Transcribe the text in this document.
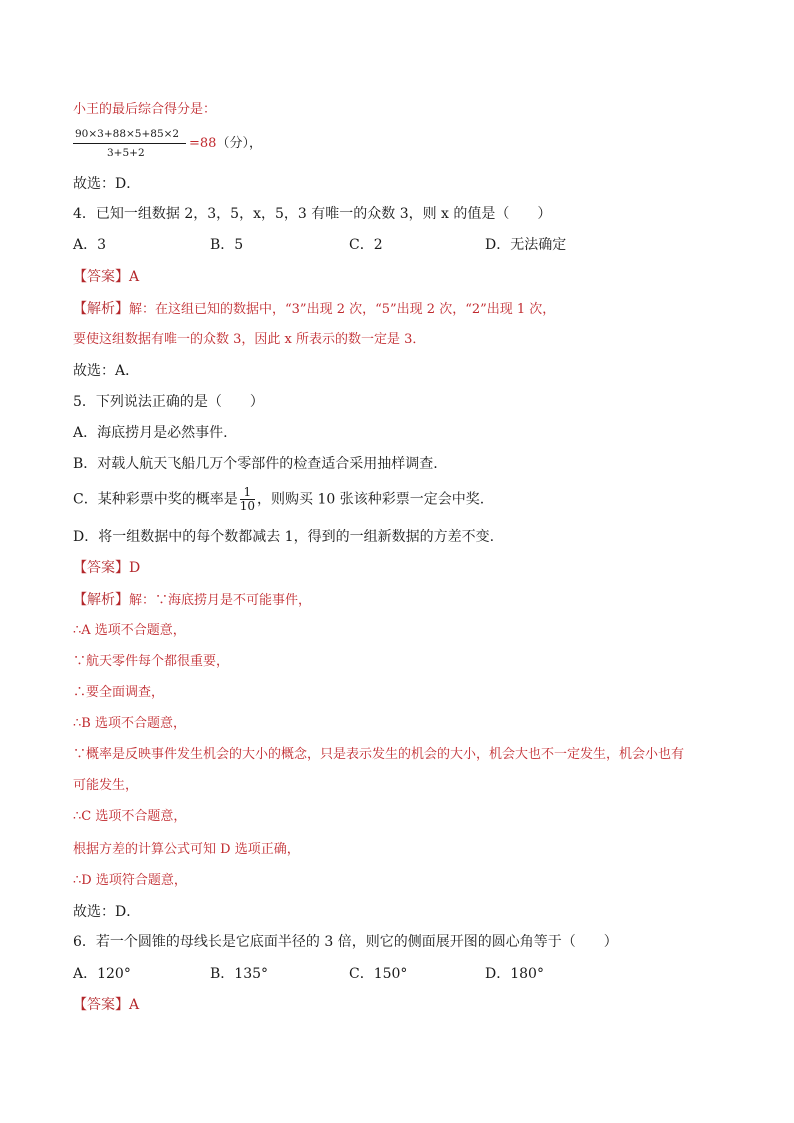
小王的最后综合得分是：
90×3+88×5+85×2
3+5+2
=88（分），
故选：D．
4．已知一组数据 2，3，5，x，5，3 有唯一的众数 3，则 x 的值是（　　）
A．3	B．5	C．2	D．无法确定
【答案】A
【解析】解：在这组已知的数据中，“3”出现 2 次，“5”出现 2 次，“2”出现 1 次，
要使这组数据有唯一的众数 3，因此 x 所表示的数一定是 3．
故选：A．
5．下列说法正确的是（　　）
A．海底捞月是必然事件.
B．对载人航天飞船几万个零部件的检查适合采用抽样调查.
C．某种彩票中奖的概率是 $\frac{1}{10}$ ，则购买 10 张该种彩票一定会中奖.
D．将一组数据中的每个数都减去 1，得到的一组新数据的方差不变.
【答案】D
【解析】解：∵海底捞月是不可能事件，
∴A 选项不合题意，
∵航天零件每个都很重要，
∴要全面调查，
∴B 选项不合题意，
∵概率是反映事件发生机会的大小的概念，只是表示发生的机会的大小，机会大也不一定发生，机会小也有
可能发生，
∴C 选项不合题意，
根据方差的计算公式可知 D 选项正确，
∴D 选项符合题意，
故选：D．
6．若一个圆锥的母线长是它底面半径的 3 倍，则它的侧面展开图的圆心角等于（　　）
A．120°	B．135°	C．150°	D．180°
【答案】A
